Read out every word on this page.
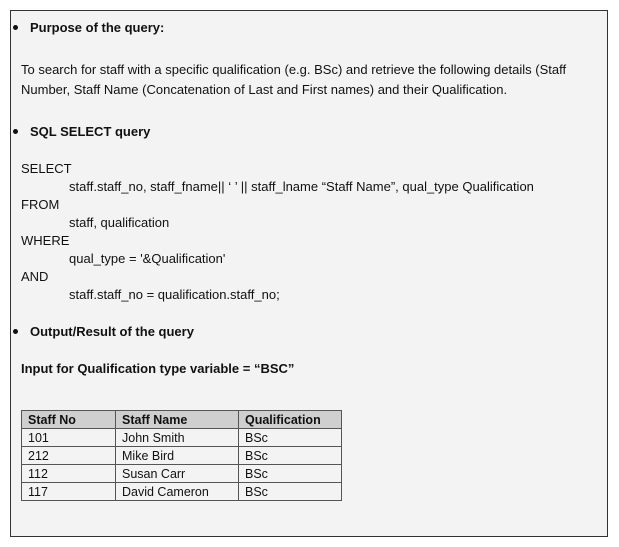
Purpose of the query:
To search for staff with a specific qualification (e.g. BSc) and retrieve the following details (Staff
Number, Staff Name (Concatenation of Last and First names) and their Qualification.
SQL SELECT query
SELECT
staff.staff_no, staff_fname|| ‘ ’ || staff_lname “Staff Name”, qual_type Qualification
FROM
staff, qualification
WHERE
qual_type = '&Qualification'
AND
staff.staff_no = qualification.staff_no;
Output/Result of the query
Input for Qualification type variable = “BSC”
Staff No	Staff Name	Qualification
101	John Smith	BSc
212	Mike Bird	BSc
112	Susan Carr	BSc
117	David Cameron	BSc
